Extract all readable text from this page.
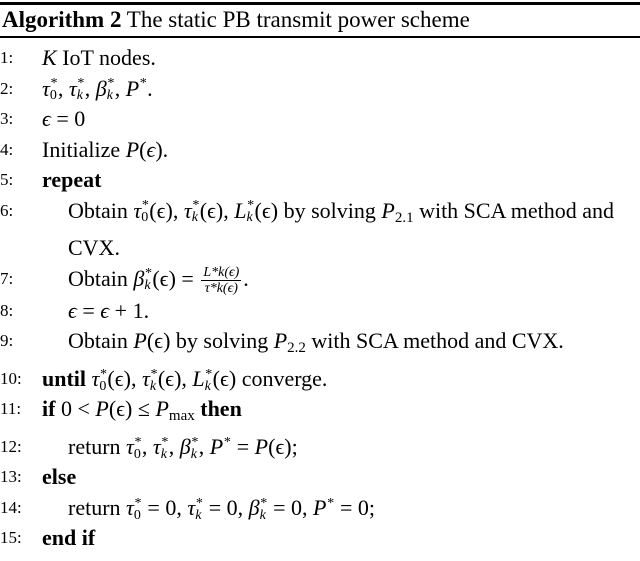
Algorithm 2 The static PB transmit power scheme
1:	K IoT nodes.
2:	τ *
0 , τ *
k , β *
k , P *
.
3:	ϵ = 0
4:	Initialize P(ϵ).
5:	repeat
6:	Obtain τ *
0 (ϵ), τ *
k (ϵ), L *
k (ϵ) by solving $P_{2.1}$ with SCA method and CVX.
7:	Obtain β *
k $(\epsilon) = \frac{L*k(\epsilon)}{\tau*k(\epsilon)}$ .
8:	ϵ = ϵ + 1.
9:	Obtain P(ϵ) by solving $P_{2.2}$ with SCA method and CVX.
10: until τ *
0 (ϵ), τ *
k (ϵ), L *
k (ϵ) converge.
11: if $0 < P(\epsilon) \le P_{max}$ then
12:	return τ *
0 , τ *
k , β *
k , P *
= P(ϵ);
13: else
14:	return τ *
0 = 0, τ *
k = 0, β *
k = 0, P *
= 0;
15: end if
